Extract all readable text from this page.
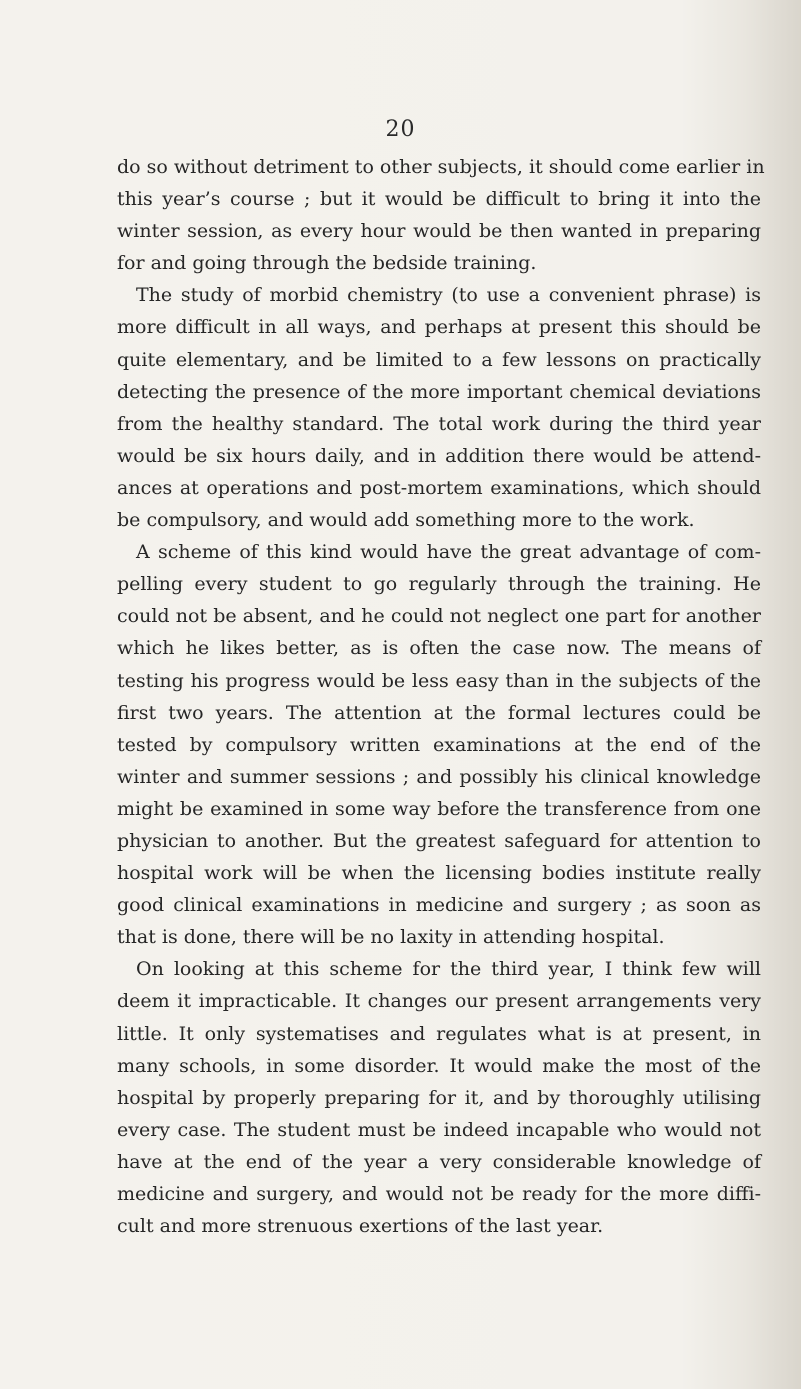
20
do so without detriment to other subjects, it should come earlier in
this year’s course ; but it would be difficult to bring it into the
winter session, as every hour would be then wanted in preparing
for and going through the bedside training.
The study of morbid chemistry (to use a convenient phrase) is
more difficult in all ways, and perhaps at present this should be
quite elementary, and be limited to a few lessons on practically
detecting the presence of the more important chemical deviations
from the healthy standard. The total work during the third year
would be six hours daily, and in addition there would be attend-
ances at operations and post-mortem examinations, which should
be compulsory, and would add something more to the work.
A scheme of this kind would have the great advantage of com-
pelling every student to go regularly through the training. He
could not be absent, and he could not neglect one part for another
which he likes better, as is often the case now. The means of
testing his progress would be less easy than in the subjects of the
first two years. The attention at the formal lectures could be
tested by compulsory written examinations at the end of the
winter and summer sessions ; and possibly his clinical knowledge
might be examined in some way before the transference from one
physician to another. But the greatest safeguard for attention to
hospital work will be when the licensing bodies institute really
good clinical examinations in medicine and surgery ; as soon as
that is done, there will be no laxity in attending hospital.
On looking at this scheme for the third year, I think few will
deem it impracticable. It changes our present arrangements very
little. It only systematises and regulates what is at present, in
many schools, in some disorder. It would make the most of the
hospital by properly preparing for it, and by thoroughly utilising
every case. The student must be indeed incapable who would not
have at the end of the year a very considerable knowledge of
medicine and surgery, and would not be ready for the more diffi-
cult and more strenuous exertions of the last year.
